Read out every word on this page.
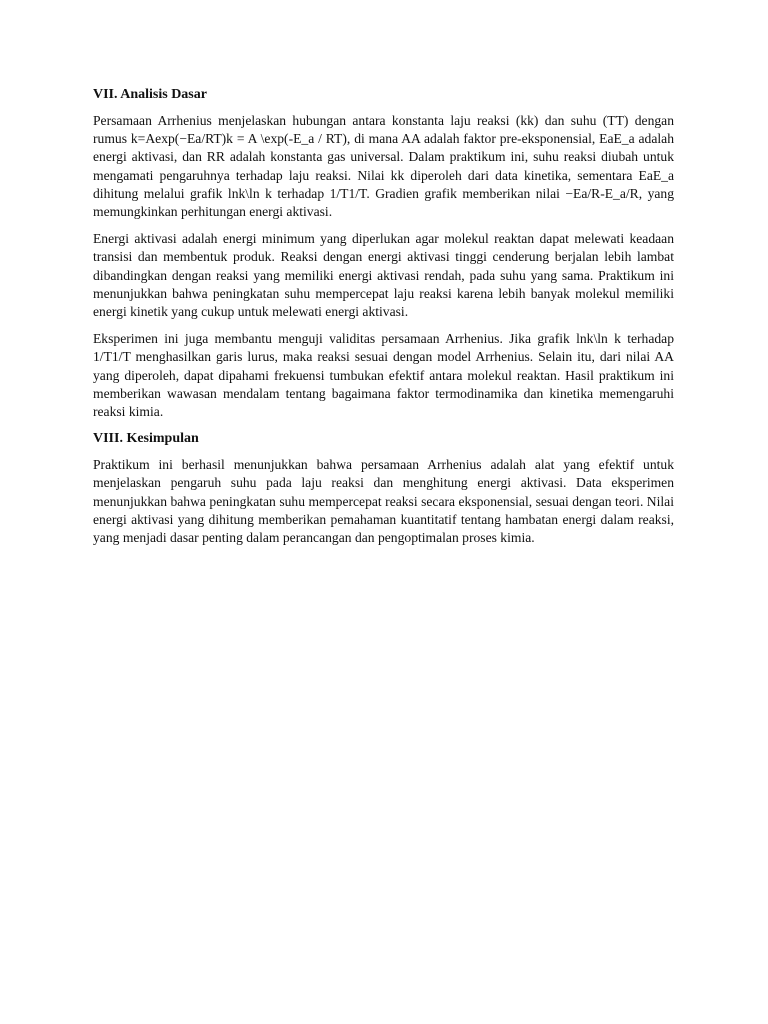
VII. Analisis Dasar

Persamaan Arrhenius menjelaskan hubungan antara konstanta laju reaksi (kk) dan suhu (TT) dengan rumus k=Aexp(−Ea/RT)k = A \exp(-E_a / RT), di mana AA adalah faktor pre-eksponensial, EaE_a adalah energi aktivasi, dan RR adalah konstanta gas universal. Dalam praktikum ini, suhu reaksi diubah untuk mengamati pengaruhnya terhadap laju reaksi. Nilai kk diperoleh dari data kinetika, sementara EaE_a dihitung melalui grafik lnk\ln k terhadap 1/T1/T. Gradien grafik memberikan nilai −Ea/R-E_a/R, yang memungkinkan perhitungan energi aktivasi.

Energi aktivasi adalah energi minimum yang diperlukan agar molekul reaktan dapat melewati keadaan transisi dan membentuk produk. Reaksi dengan energi aktivasi tinggi cenderung berjalan lebih lambat dibandingkan dengan reaksi yang memiliki energi aktivasi rendah, pada suhu yang sama. Praktikum ini menunjukkan bahwa peningkatan suhu mempercepat laju reaksi karena lebih banyak molekul memiliki energi kinetik yang cukup untuk melewati energi aktivasi.

Eksperimen ini juga membantu menguji validitas persamaan Arrhenius. Jika grafik lnk\ln k terhadap 1/T1/T menghasilkan garis lurus, maka reaksi sesuai dengan model Arrhenius. Selain itu, dari nilai AA yang diperoleh, dapat dipahami frekuensi tumbukan efektif antara molekul reaktan. Hasil praktikum ini memberikan wawasan mendalam tentang bagaimana faktor termodinamika dan kinetika memengaruhi reaksi kimia.

VIII. Kesimpulan

Praktikum ini berhasil menunjukkan bahwa persamaan Arrhenius adalah alat yang efektif untuk menjelaskan pengaruh suhu pada laju reaksi dan menghitung energi aktivasi. Data eksperimen menunjukkan bahwa peningkatan suhu mempercepat reaksi secara eksponensial, sesuai dengan teori. Nilai energi aktivasi yang dihitung memberikan pemahaman kuantitatif tentang hambatan energi dalam reaksi, yang menjadi dasar penting dalam perancangan dan pengoptimalan proses kimia.
